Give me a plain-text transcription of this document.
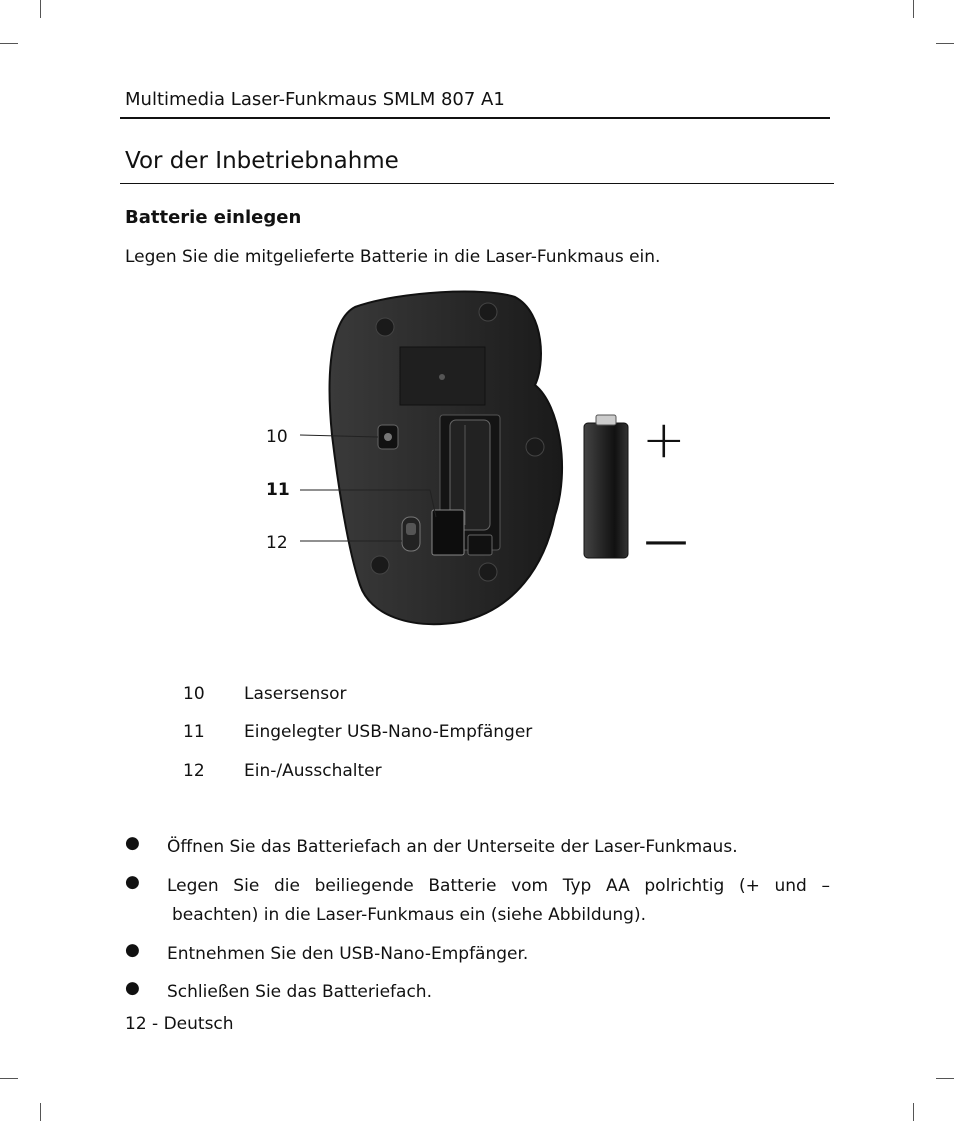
Multimedia Laser-Funkmaus SMLM 807 A1
Vor der Inbetriebnahme
Batterie einlegen
Legen Sie die mitgelieferte Batterie in die Laser-Funkmaus ein.
10
11
12
+
—
10	Lasersensor
11	Eingelegter USB-Nano-Empfänger
12	Ein-/Ausschalter
● Öffnen Sie das Batteriefach an der Unterseite der Laser-Funkmaus.
● Legen Sie die beiliegende Batterie vom Typ AA polrichtig (+ und –
beachten) in die Laser-Funkmaus ein (siehe Abbildung).
● Entnehmen Sie den USB-Nano-Empfänger.
● Schließen Sie das Batteriefach.
12 - Deutsch
